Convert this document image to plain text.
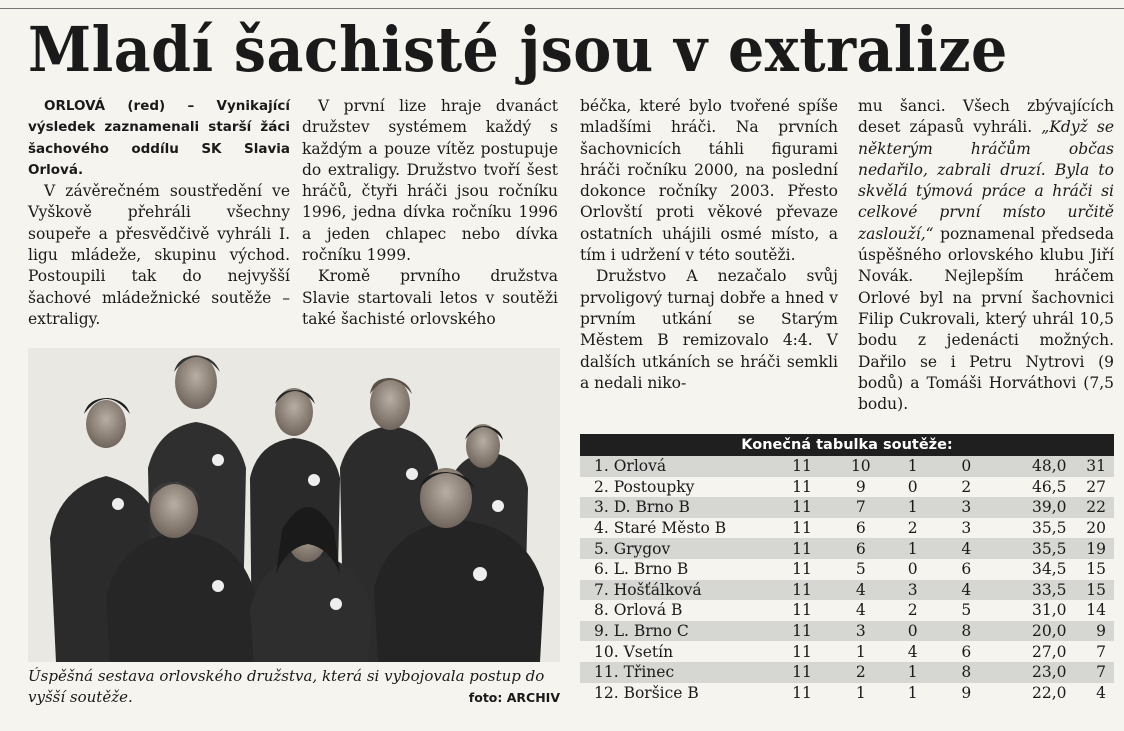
Mladí šachisté jsou v extralize

ORLOVÁ (red) – Vynikající výsledek zaznamenali starší žáci šachového oddílu SK Slavia Orlová.

V závěrečném soustředění ve Vyškově přehráli všechny soupeře a přesvědčivě vyhráli I. ligu mládeže, skupinu východ. Postoupili tak do nejvyšší šachové mládežnické soutěže – extraligy.

V první lize hraje dvanáct družstev systémem každý s každým a pouze vítěz postupuje do extraligy. Družstvo tvoří šest hráčů, čtyři hráči jsou ročníku 1996, jedna dívka ročníku 1996 a jeden chlapec nebo dívka ročníku 1999.

Kromě prvního družstva Slavie startovali letos v soutěži také šachisté orlovského

béčka, které bylo tvořené spíše mladšími hráči. Na prvních šachovnicích táhli figurami hráči ročníku 2000, na poslední dokonce ročníky 2003. Přesto Orlovští proti věkové převaze ostatních uhájili osmé místo, a tím i udržení v této soutěži.

Družstvo A nezačalo svůj prvoligový turnaj dobře a hned v prvním utkání se Starým Městem B remizovalo 4:4. V dalších utkáních se hráči semkli a nedali niko-

mu šanci. Všech zbývajících deset zápasů vyhráli. „Když se některým hráčům občas nedařilo, zabrali druzí. Byla to skvělá týmová práce a hráči si celkové první místo určitě zaslouží,“ poznamenal předseda úspěšného orlovského klubu Jiří Novák. Nejlepším hráčem Orlové byl na první šachovnici Filip Cukrovali, který uhrál 10,5 bodu z jedenácti možných. Dařilo se i Petru Nytrovi (9 bodů) a Tomáši Horváthovi (7,5 bodu).

Úspěšná sestava orlovského družstva, která si vybojovala postup do vyšší soutěže.	foto: ARCHIV
Konečná tabulka soutěže:
1. Orlová	11	10	1	0	48,0	31
2. Postoupky	11	9	0	2	46,5	27
3. D. Brno B	11	7	1	3	39,0	22
4. Staré Město B	11	6	2	3	35,5	20
5. Grygov	11	6	1	4	35,5	19
6. L. Brno B	11	5	0	6	34,5	15
7. Hošťálková	11	4	3	4	33,5	15
8. Orlová B	11	4	2	5	31,0	14
9. L. Brno C	11	3	0	8	20,0	9
10. Vsetín	11	1	4	6	27,0	7
11. Třinec	11	2	1	8	23,0	7
12. Boršice B	11	1	1	9	22,0	4
